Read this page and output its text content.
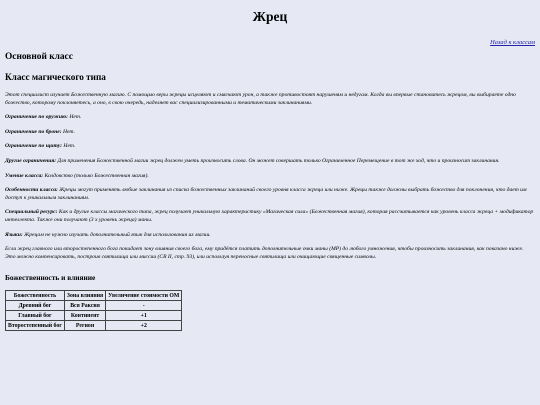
Жрец
Назад к классам
Основной класс
Класс магического типа

Этот специалист изучает Божественную магию. С помощью веры жрецы исцеляют и смягчают урон, а также противостоят нарушеням и недугам. Когда вы впервые становитесь жрецом, вы выбираете одно божество, которому поклоняетесь, а оно, в свою очередь, наделяет вас специализированными и тематическими заклинаниями.

Ограничение по оружию: Нет.

Ограничение по броне: Нет.

Ограничение по щиту: Нет.

Другие ограничения: Для применения Божественной магии жрец должен уметь произносить слова. Он может совершать только Ограниченное Перемещение в тот же ход, что и произносит заклинания.

Умение класса: Колдовство (только Божественная магия).

Особенности класса: Жрецы могут применять любые заклинания из списка божественных заклинаний своего уровня класса жреца или ниже. Жрецы также должны выбрать божество для поклонения, что дает им доступ к уникальным заклинаниям.

Специальный ресурс: Как и другие классы магического типа, жрец получает уникальную характеристику «Магическая сила» (Божественная магия), которая рассчитывается как уровень класса жреца + модификатор интеллекта. Также они получают (3 x уровень жреца) маны.

Языки: Жрецам не нужно изучать дополнительный язык для использования их магии.

Если жрец главного или второстепенного бога покидает зону влияния своего бога, ему придётся платить дополнительные очки маны (МР) до любого умножения, чтобы произносить заклинания, как показано ниже. Это можно компенсировать, построив святилища или миссии (CR II, стр. 93), или используя переносные святилища или очищающие священные символы.

Божественность и влияние
Божественность	Зона влияния	Увеличение стоимости ОМ
Древний бог	Вся Раксия	-
Главный бог	Континент	+1
Второстепенный бог	Регион	+2
